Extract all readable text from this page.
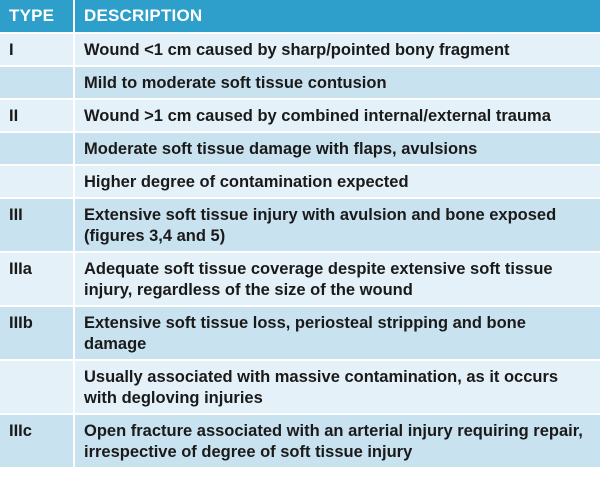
TYPE	DESCRIPTION
I	Wound <1 cm caused by sharp/pointed bony fragment
	Mild to moderate soft tissue contusion
II	Wound >1 cm caused by combined internal/external trauma
	Moderate soft tissue damage with flaps, avulsions
	Higher degree of contamination expected
III	Extensive soft tissue injury with avulsion and bone exposed (figures 3,4 and 5)
IIIa	Adequate soft tissue coverage despite extensive soft tissue injury, regardless of the size of the wound
IIIb	Extensive soft tissue loss, periosteal stripping and bone damage
	Usually associated with massive contamination, as it occurs with degloving injuries
IIIc	Open fracture associated with an arterial injury requiring repair, irrespective of degree of soft tissue injury
